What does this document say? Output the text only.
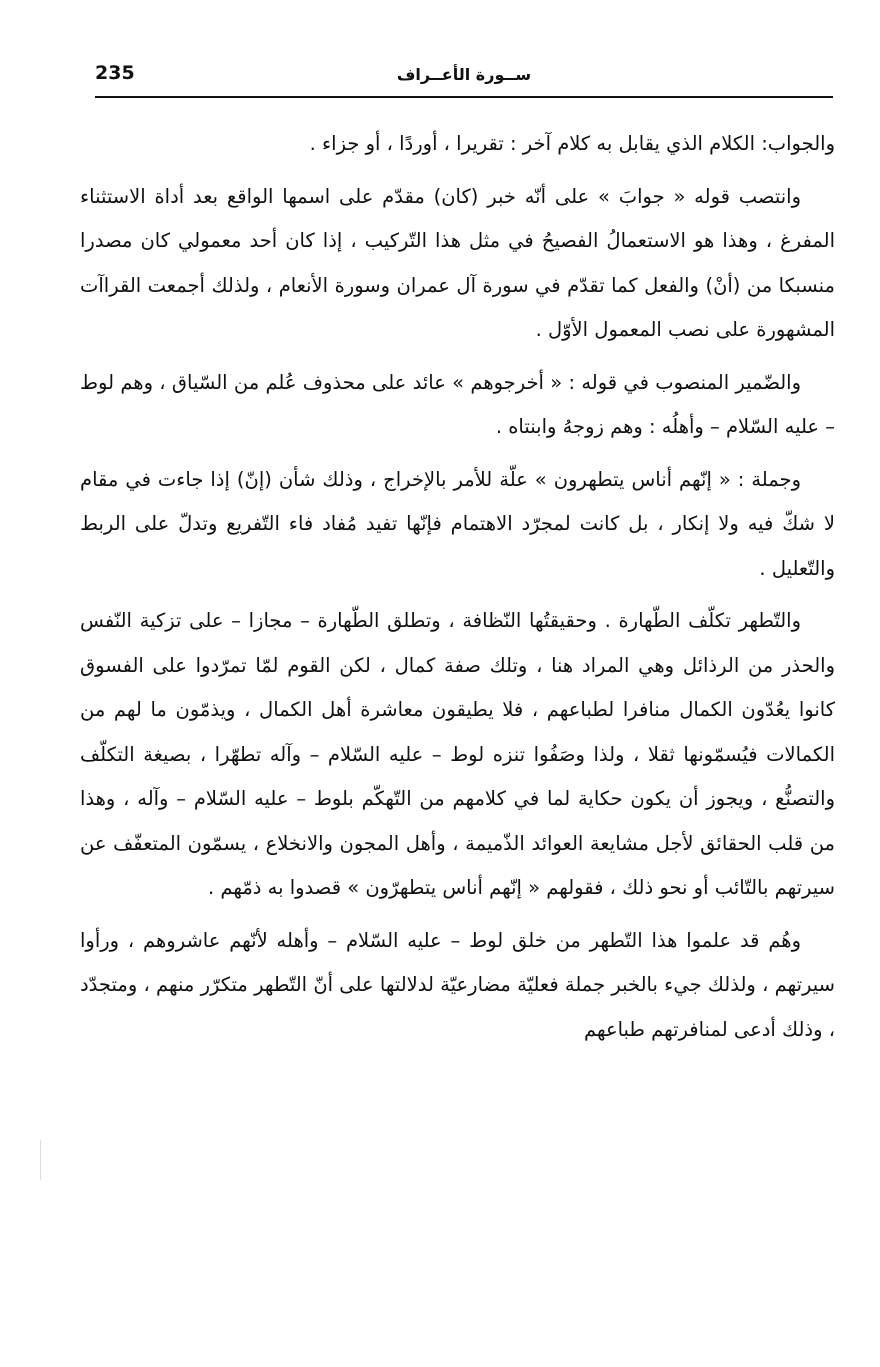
235	ســورة الأعــراف

والجواب: الكلام الذي يقابل به كلام آخر : تقريرا ، أوردًا ، أو جزاء .

وانتصب قوله « جوابَ » على أنّه خبر (كان) مقدّم على اسمها الواقع بعد أداة الاستثناء المفرغ ، وهذا هو الاستعمالُ الفصيحُ في مثل هذا التّركيب ، إذا كان أحد معمولي كان مصدرا منسبكا من (أنْ) والفعل كما تقدّم في سورة آل عمران وسورة الأنعام ، ولذلك أجمعت القراآت المشهورة على نصب المعمول الأوّل .

والضّمير المنصوب في قوله : « أخرجوهم » عائد على محذوف عُلم من السّياق ، وهم لوط – عليه السّلام – وأهلُه : وهم زوجهُ وابنتاه .

وجملة : « إنّهم أناس يتطهرون » علّة للأمر بالإخراج ، وذلك شأن (إنّ) إذا جاءت في مقام لا شكّ فيه ولا إنكار ، بل كانت لمجرّد الاهتمام فإنّها تفيد مُفاد فاء التّفريع وتدلّ على الربط والتّعليل .

والتّطهر تكلّف الطّهارة . وحقيقتُها النّظافة ، وتطلق الطّهارة – مجازا – على تزكية النّفس والحذر من الرذائل وهي المراد هنا ، وتلك صفة كمال ، لكن القوم لمّا تمرّدوا على الفسوق كانوا يعُدّون الكمال منافرا لطباعهم ، فلا يطيقون معاشرة أهل الكمال ، ويذمّون ما لهم من الكمالات فيُسمّونها ثقلا ، ولذا وصَفُوا تنزه لوط – عليه السّلام – وآله تطهّرا ، بصيغة التكلّف والتصنُّع ، ويجوز أن يكون حكاية لما في كلامهم من التّهكّم بلوط – عليه السّلام – وآله ، وهذا من قلب الحقائق لأجل مشايعة العوائد الذّميمة ، وأهل المجون والانخلاع ، يسمّون المتعفّف عن سيرتهم بالتّائب أو نحو ذلك ، فقولهم « إنّهم أناس يتطهرّون » قصدوا به ذمّهم .

وهُم قد علموا هذا التّطهر من خلق لوط – عليه السّلام – وأهله لأنّهم عاشروهم ، ورأوا سيرتهم ، ولذلك جيء بالخبر جملة فعليّة مضارعيّة لدلالتها على أنّ التّطهر متكرّر منهم ، ومتجدّد ، وذلك أدعى لمنافرتهم طباعهم
